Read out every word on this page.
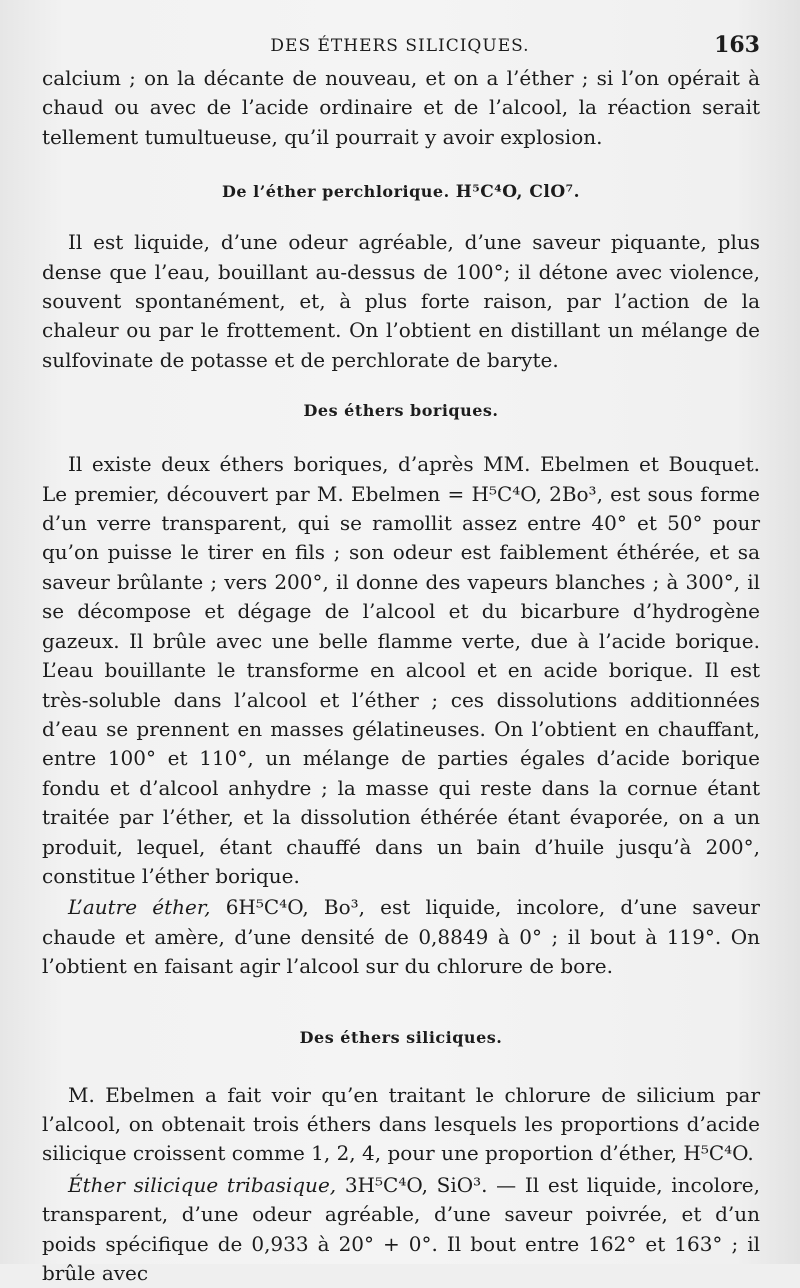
DES ÉTHERS SILICIQUES.	163

calcium ; on la décante de nouveau, et on a l’éther ; si l’on opérait à chaud ou avec de l’acide ordinaire et de l’alcool, la réaction serait tellement tumultueuse, qu’il pourrait y avoir explosion.

De l’éther perchlorique. H⁵C⁴O, ClO⁷.

Il est liquide, d’une odeur agréable, d’une saveur piquante, plus dense que l’eau, bouillant au-dessus de 100°; il détone avec violence, souvent spontanément, et, à plus forte raison, par l’action de la chaleur ou par le frottement. On l’obtient en distillant un mélange de sulfovinate de potasse et de perchlorate de baryte.

Des éthers boriques.

Il existe deux éthers boriques, d’après MM. Ebelmen et Bouquet. Le premier, découvert par M. Ebelmen = H⁵C⁴O, 2Bo³, est sous forme d’un verre transparent, qui se ramollit assez entre 40° et 50° pour qu’on puisse le tirer en fils ; son odeur est faiblement éthérée, et sa saveur brûlante ; vers 200°, il donne des vapeurs blanches ; à 300°, il se décompose et dégage de l’alcool et du bicarbure d’hydrogène gazeux. Il brûle avec une belle flamme verte, due à l’acide borique. L’eau bouillante le transforme en alcool et en acide borique. Il est très-soluble dans l’alcool et l’éther ; ces dissolutions additionnées d’eau se prennent en masses gélatineuses. On l’obtient en chauffant, entre 100° et 110°, un mélange de parties égales d’acide borique fondu et d’alcool anhydre ; la masse qui reste dans la cornue étant traitée par l’éther, et la dissolution éthérée étant évaporée, on a un produit, lequel, étant chauffé dans un bain d’huile jusqu’à 200°, constitue l’éther borique.

L’autre éther, 6H⁵C⁴O, Bo³, est liquide, incolore, d’une saveur chaude et amère, d’une densité de 0,8849 à 0° ; il bout à 119°. On l’obtient en faisant agir l’alcool sur du chlorure de bore.

Des éthers siliciques.

M. Ebelmen a fait voir qu’en traitant le chlorure de silicium par l’alcool, on obtenait trois éthers dans lesquels les proportions d’acide silicique croissent comme 1, 2, 4, pour une proportion d’éther, H⁵C⁴O.

Éther silicique tribasique, 3H⁵C⁴O, SiO³. — Il est liquide, incolore, transparent, d’une odeur agréable, d’une saveur poivrée, et d’un poids spécifique de 0,933 à 20° + 0°. Il bout entre 162° et 163° ; il brûle avec
